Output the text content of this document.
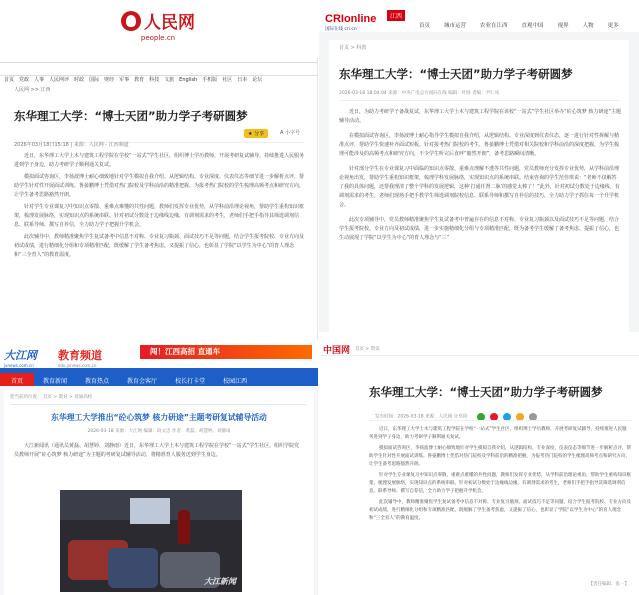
人民网
people.cn
首页 党政 人事 人民网评 时政 国际 财经 军事 教育 科技 文旅 English 手机版 社区 日本 论坛
人民网 >> 江西
东华理工大学：“博士天团”助力学子考研圆梦
2026年03月18日15:18 | 来源：人民网 - 江西频道
★ 分享	A 小字号

近日，东华理工大学土木与建筑工程学院在学校“一站式”学生社区，组织博士学历教师，开展考研复试辅导，持续推进人民服务进到学子身边，助力考研学子顺利通关复试。

模拟面试咨询区，李扬波博士耐心细致地针对学生模拟自我介绍、从逻辑结构、专业深度、仪表仪态等细节进一步解析点评，帮助学生针对性开展面试训练。鲁晏鹏博士凭借对热门院校及学科前沿的精准把握，为报考热门院校的学生梳理高频考点和研究方向，让学生备考思路豁然开朗。

针对学生专业课复习中知识点零散、重难点难懂的共性问题，教师们发挥专业优势，从学科前沿理论视角，帮助学生重构知识框架，梳理发展脉络，实现知识点的系统串联。针对初试分数处于边缘线边缘，有调剂需求的考生，老师们手把手指导其筛选调剂信息、联系导师、撰写自荐信，全力助力学子把握升学机会。

此次辅导中，教师精准聚焦学生复试备考中信息不对称、专业复习瓶颈、面试技巧不足等问题，结合学生报考院校、专业方向及初试成绩，进行精细化分组和专项精准匹配，既缓解了学生备考焦虑，又提振了信心，也彰显了学院“以学生为中心”的育人理念和“三全育人”的教育温度。

CRIonline
国际在线 cri.cn
江西
首页	城市运营	农业在江西	直观中国	视界	人物	更多
首页 > 科教
东华理工大学：“博士天团”助力学子考研圆梦
2026-03-18 18:04:04 来源：中央广电总台国际在线 编辑：叶圆 责编：尹仁凤

近日，为助力考研学子备战复试，东华理工大学土木与建筑工程学院在该校“一站式”学生社区举办“砼心筑梦 核力研途”主题辅导活动。

在模拟面试咨询区，李扬波博士耐心指导学生模拟自我介绍，从逻辑结构、专业深度到仪表仪态，逐一进行针对性拆解与精准点评，帮助学生快速补齐面试短板。针对报考热门院校的考生，鲁晏鹏博士凭借对相关院校和学科前沿的深度把握，为学生梳理可能涉及的高频考点和研究方向，不少学生听完后直呼“豁然开朗”，备考思路瞬间清晰。

针对部分学生在专业课复习中面临的知识点零散、重难点理解不透等共性问题，党员教师充分发挥专业优势，从学科前沿理论视角出发，帮助学生重构知识框架，梳理学科发展脉络，实现知识点的系统串联。结束咨询的学生范佳琪说：“老师不仅解答了我的具体问题，还帮我理清了整个学科的发展逻辑，这种‘打通任督二脉’的感觉太棒了！”此外，针对初试分数处于边缘线、有调剂需求的考生，老师们现场手把手教学生筛选调剂院校信息、联系导师和撰写自荐信的技巧，全力助力学子抓住每一个升学机会。

此次专项辅导中，党员教师精准聚焦学生复试备考中普遍存在的信息不对称、专业复习瓶颈以及面试技巧不足等问题，结合学生报考院校、专业方向及初试成绩，进一步实施精细化分组与专项精准匹配，既为备考学生缓解了备考焦虑、提振了信心，也生动展现了学院“以学生为中心”的育人理念与“三”

大江网
jxnews.com.cn
教育频道
edu.jxnews.com.cn
闯！江西高招 直通车
首页	教育新闻	教育热点	教育会客厅	校长打卡堂	校园江西
您当前的位置： 首页 > 教育 > 普通高校
东华理工大学推出“砼心筑梦 核力研途”主题考研复试辅导活动
2026-03-18 来源：大江网 编辑：段文忠 作者：黄磊、胡慧婷、刘静雨

大江新闻讯（通讯员黄磊、胡慧婷、刘静雨）近日，东华理工大学土木与建筑工程学院在学校“一站式”学生社区，组织学院党员教师开展“砼心筑梦 核力研途”为主题的考研复试辅导活动，将精准育人服务送到学生身边。

大江新闻
中国网 首页 > 资讯
东华理工大学：“博士天团”助力学子考研圆梦
发布时间：2026-03-18 来源：人民网 分享到：

近日，东华理工大学土木与建筑工程学院在学校“一站式”学生社区，组织博士学历教师，开展考研复试辅导，持续推进人民服务进到学子身边，助力考研学子顺利通关复试。

模拟面试咨询区，李扬波博士耐心细致地针对学生模拟自我介绍，从逻辑结构、专业深度、仪表仪态等细节进一步解析点评，帮助学生针对性开展面试训练。鲁晏鹏博士凭借对热门院校及学科前沿的精准把握，为报考热门院校的学生梳理高频考点和研究方向，让学生备考思路豁然开朗。

针对学生专业课复习中知识点零散、重难点难懂的共性问题，教师们发挥专业优势，从学科前沿理论视角，帮助学生重构知识框架，梳理发展脉络，实现知识点的系统串联。针对初试分数处于边缘线边缘，有调剂需求的考生，老师们手把手指导其筛选调剂信息、联系导师、撰写自荐信，全力助力学子把握升学机会。

此次辅导中，教师精准聚焦学生复试备考中信息不对称、专业复习瓶颈、面试技巧不足等问题，结合学生报考院校、专业方向及初试成绩，进行精细化分组和专项精准匹配，既缓解了学生备考焦虑，又提振了信心，也彰显了学院“以学生为中心”的育人理念和“三全育人”的教育温度。

【责任编辑：张一】
